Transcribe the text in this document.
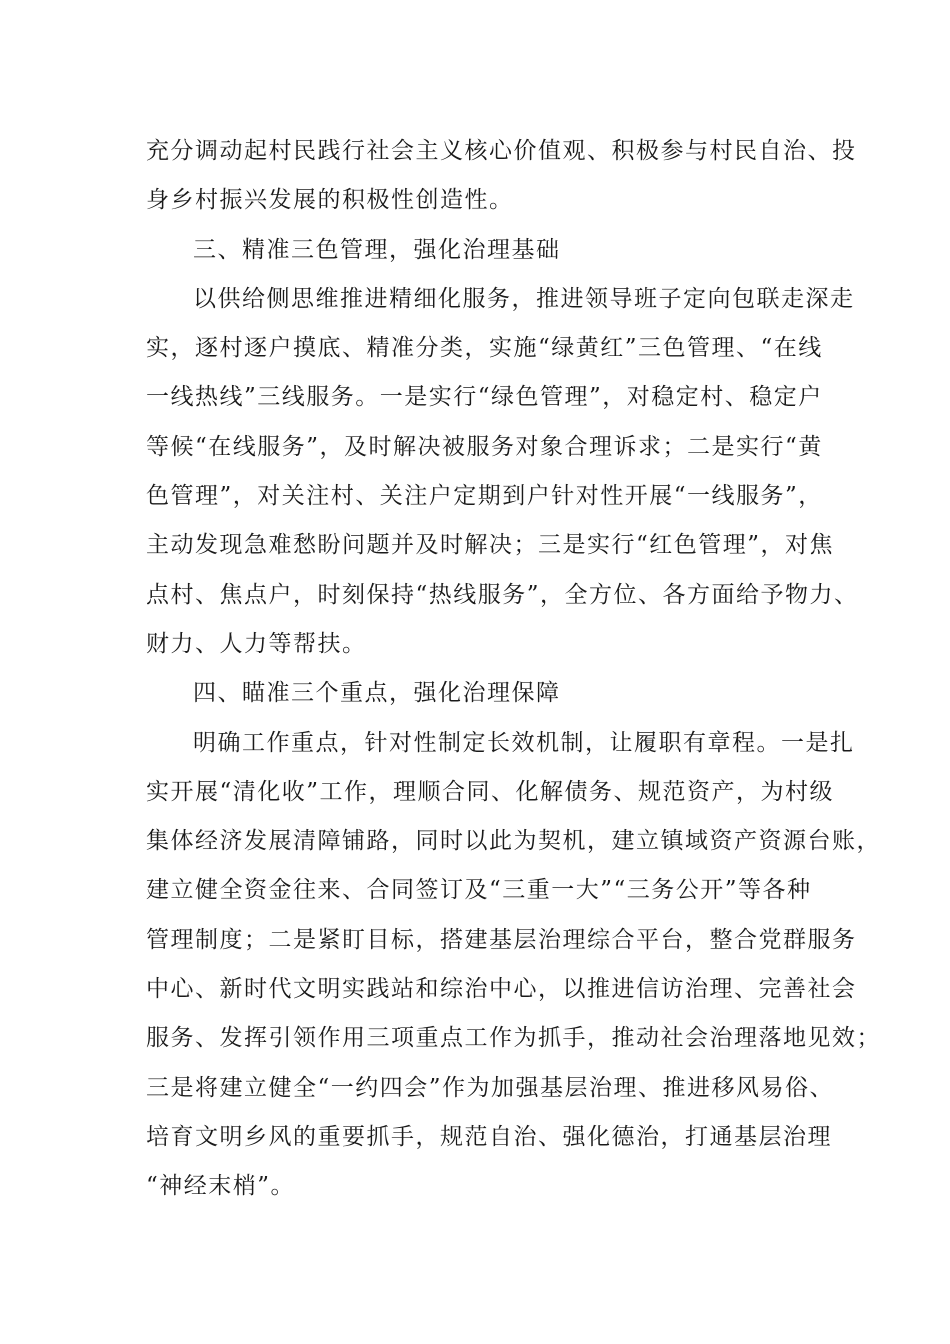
充分调动起村民践行社会主义核心价值观、积极参与村民自治、投
身乡村振兴发展的积极性创造性。
三、精准三色管理，强化治理基础
以供给侧思维推进精细化服务，推进领导班子定向包联走深走
实，逐村逐户摸底、精准分类，实施“绿黄红”三色管理、“在线
一线热线”三线服务。一是实行“绿色管理”，对稳定村、稳定户
等候“在线服务”，及时解决被服务对象合理诉求；二是实行“黄
色管理”，对关注村、关注户定期到户针对性开展“一线服务”，
主动发现急难愁盼问题并及时解决；三是实行“红色管理”，对焦
点村、焦点户，时刻保持“热线服务”，全方位、各方面给予物力、
财力、人力等帮扶。
四、瞄准三个重点，强化治理保障
明确工作重点，针对性制定长效机制，让履职有章程。一是扎
实开展“清化收”工作，理顺合同、化解债务、规范资产，为村级
集体经济发展清障铺路，同时以此为契机，建立镇域资产资源台账，
建立健全资金往来、合同签订及“三重一大”“三务公开”等各种
管理制度；二是紧盯目标，搭建基层治理综合平台，整合党群服务
中心、新时代文明实践站和综治中心，以推进信访治理、完善社会
服务、发挥引领作用三项重点工作为抓手，推动社会治理落地见效；
三是将建立健全“一约四会”作为加强基层治理、推进移风易俗、
培育文明乡风的重要抓手，规范自治、强化德治，打通基层治理
“神经末梢”。
